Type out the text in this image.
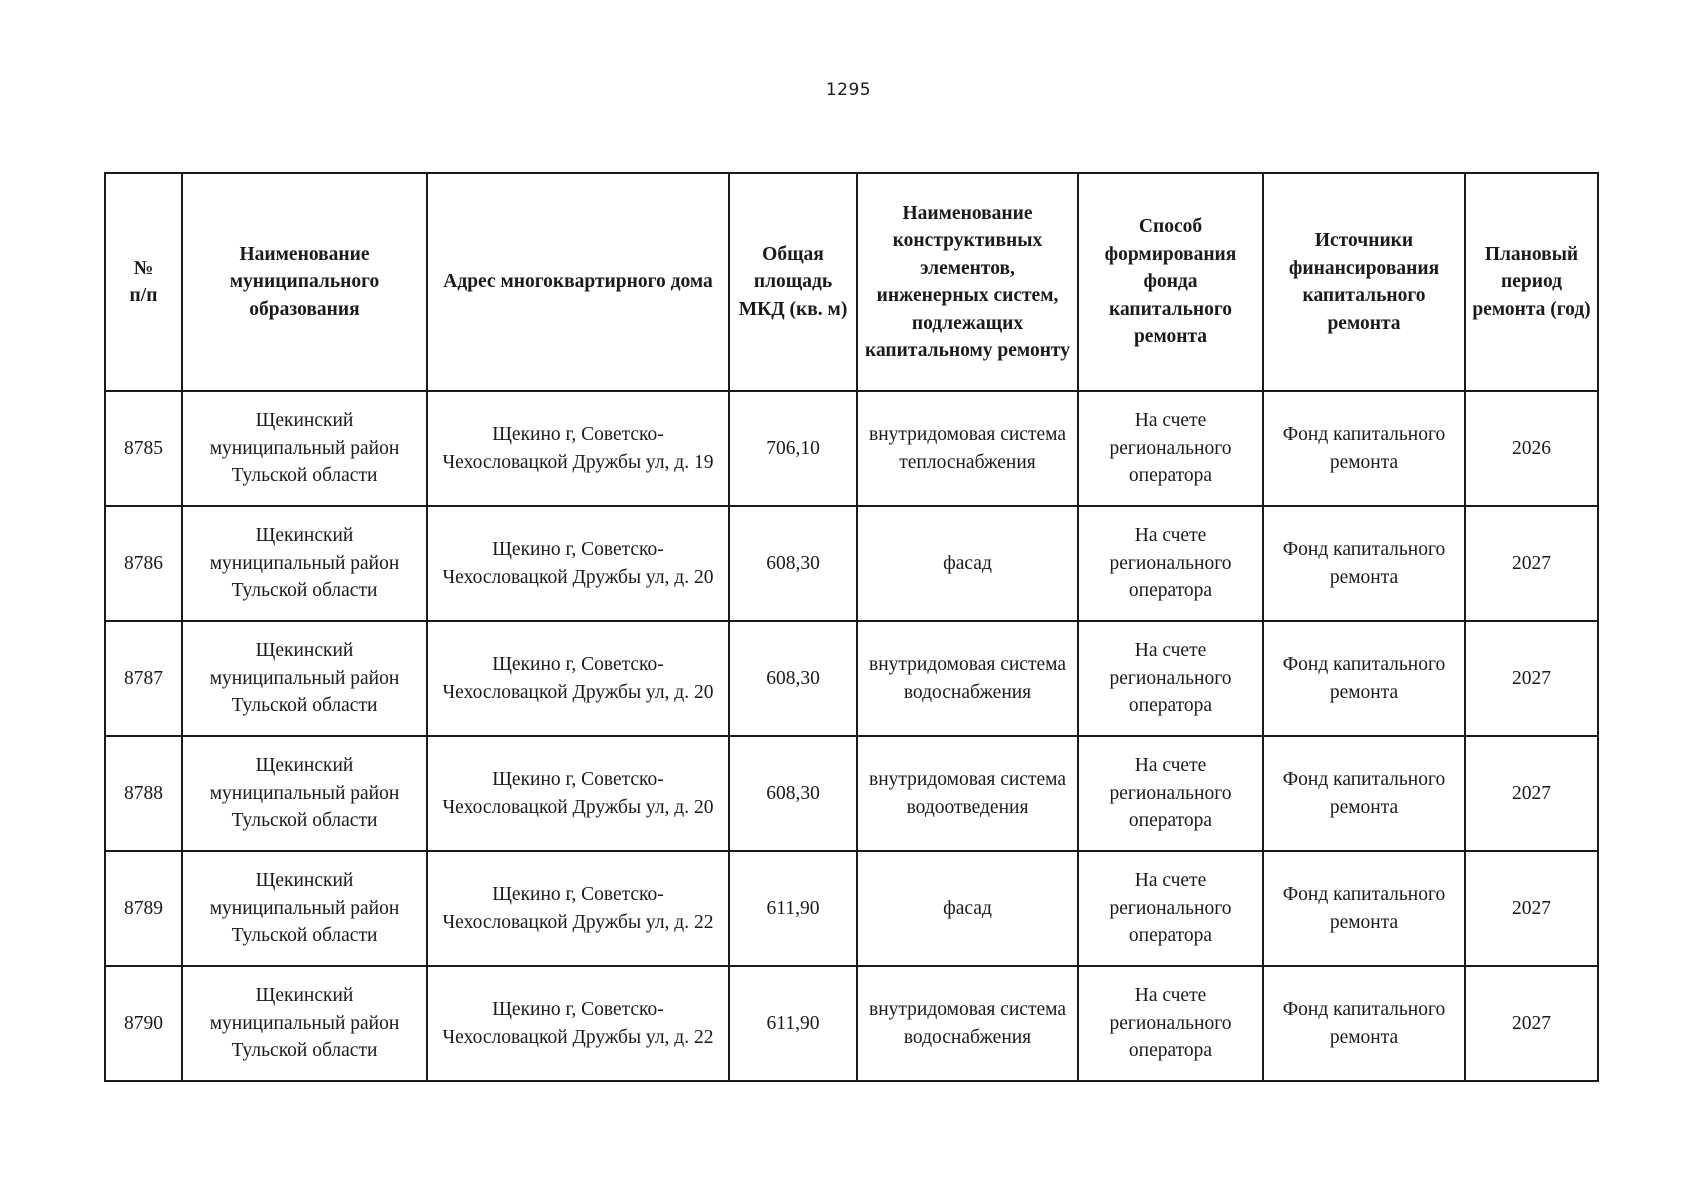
1295
№
п/п	Наименование муниципального образования	Адрес многоквартирного дома	Общая площадь МКД (кв. м)	Наименование конструктивных элементов, инженерных систем, подлежащих капитальному ремонту	Способ формирования фонда капитального ремонта	Источники финансирования капитального ремонта	Плановый период ремонта (год)
8785	Щекинский муниципальный район Тульской области	Щекино г, Советско-Чехословацкой Дружбы ул, д. 19	706,10	внутридомовая система теплоснабжения	На счете регионального оператора	Фонд капитального ремонта	2026
8786	Щекинский муниципальный район Тульской области	Щекино г, Советско-Чехословацкой Дружбы ул, д. 20	608,30	фасад	На счете регионального оператора	Фонд капитального ремонта	2027
8787	Щекинский муниципальный район Тульской области	Щекино г, Советско-Чехословацкой Дружбы ул, д. 20	608,30	внутридомовая система водоснабжения	На счете регионального оператора	Фонд капитального ремонта	2027
8788	Щекинский муниципальный район Тульской области	Щекино г, Советско-Чехословацкой Дружбы ул, д. 20	608,30	внутридомовая система водоотведения	На счете регионального оператора	Фонд капитального ремонта	2027
8789	Щекинский муниципальный район Тульской области	Щекино г, Советско-Чехословацкой Дружбы ул, д. 22	611,90	фасад	На счете регионального оператора	Фонд капитального ремонта	2027
8790	Щекинский муниципальный район Тульской области	Щекино г, Советско-Чехословацкой Дружбы ул, д. 22	611,90	внутридомовая система водоснабжения	На счете регионального оператора	Фонд капитального ремонта	2027
